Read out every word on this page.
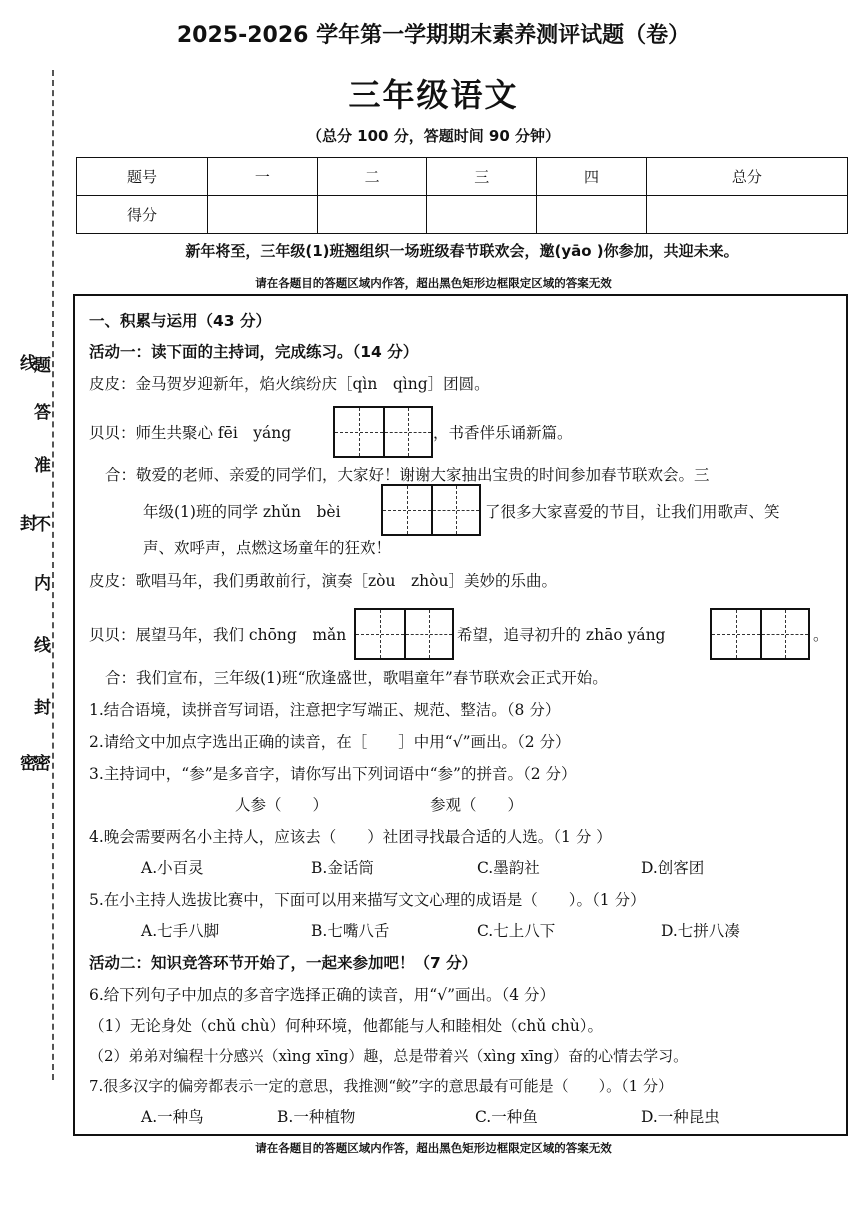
题
答
准
不
内
线
封
密
线
封
密
2025-2026 学年第一学期期末素养测评试题（卷）
三年级语文
（总分 100 分，答题时间 90 分钟）
题号	一	二	三	四	总分
得分					
新年将至，三年级(1)班翘组织一场班级春节联欢会，邀(yāo )你参加，共迎未来。
请在各题目的答题区域内作答，超出黑色矩形边框限定区域的答案无效
一、积累与运用（43 分）
活动一：读下面的主持词，完成练习。（14 分）
皮皮：金马贺岁迎新年，焰火缤纷庆［qìn　qìng］团圆。
贝贝：师生共聚心 fēi　yáng	，书香伴乐诵新篇。
合：敬爱的老师、亲爱的同学们，大家好！谢谢大家抽出宝贵的时间参加春节联欢会。三
年级(1)班的同学 zhǔn　bèi	了很多大家喜爱的节目，让我们用歌声、笑
声、欢呼声，点燃这场童年的狂欢！
皮皮：歌唱马年，我们勇敢前行，演奏［zòu　zhòu］美妙的乐曲。
贝贝：展望马年，我们 chōng　mǎn	希望，追寻初升的 zhāo yáng	。
合：我们宣布，三年级(1)班“欣逢盛世，歌唱童年”春节联欢会正式开始。
1.结合语境，读拼音写词语，注意把字写端正、规范、整洁。（8 分）
2.请给文中加点字选出正确的读音，在［　　］中用“√”画出。（2 分）
3.主持词中，“参”是多音字，请你写出下列词语中“参”的拼音。（2 分）
人参（　　）	参观（　　）
4.晚会需要两名小主持人，应该去（　　）社团寻找最合适的人选。（1 分 ）
A.小百灵	B.金话筒	C.墨韵社	D.创客团
5.在小主持人选拔比赛中，下面可以用来描写文文心理的成语是（　　）。（1 分）
A.七手八脚	B.七嘴八舌	C.七上八下	D.七拼八凑
活动二：知识竞答环节开始了，一起来参加吧！（7 分）
6.给下列句子中加点的多音字选择正确的读音，用“√”画出。（4 分）
（1）无论身处（chǔ chù）何种环境，他都能与人和睦相处（chǔ chù）。
（2）弟弟对编程十分感兴（xìng xīng）趣，总是带着兴（xìng xīng）奋的心情去学习。
7.很多汉字的偏旁都表示一定的意思，我推测“鲛”字的意思最有可能是（　　）。（1 分）
A.一种鸟	B.一种植物	C.一种鱼	D.一种昆虫
请在各题目的答题区域内作答，超出黑色矩形边框限定区域的答案无效
